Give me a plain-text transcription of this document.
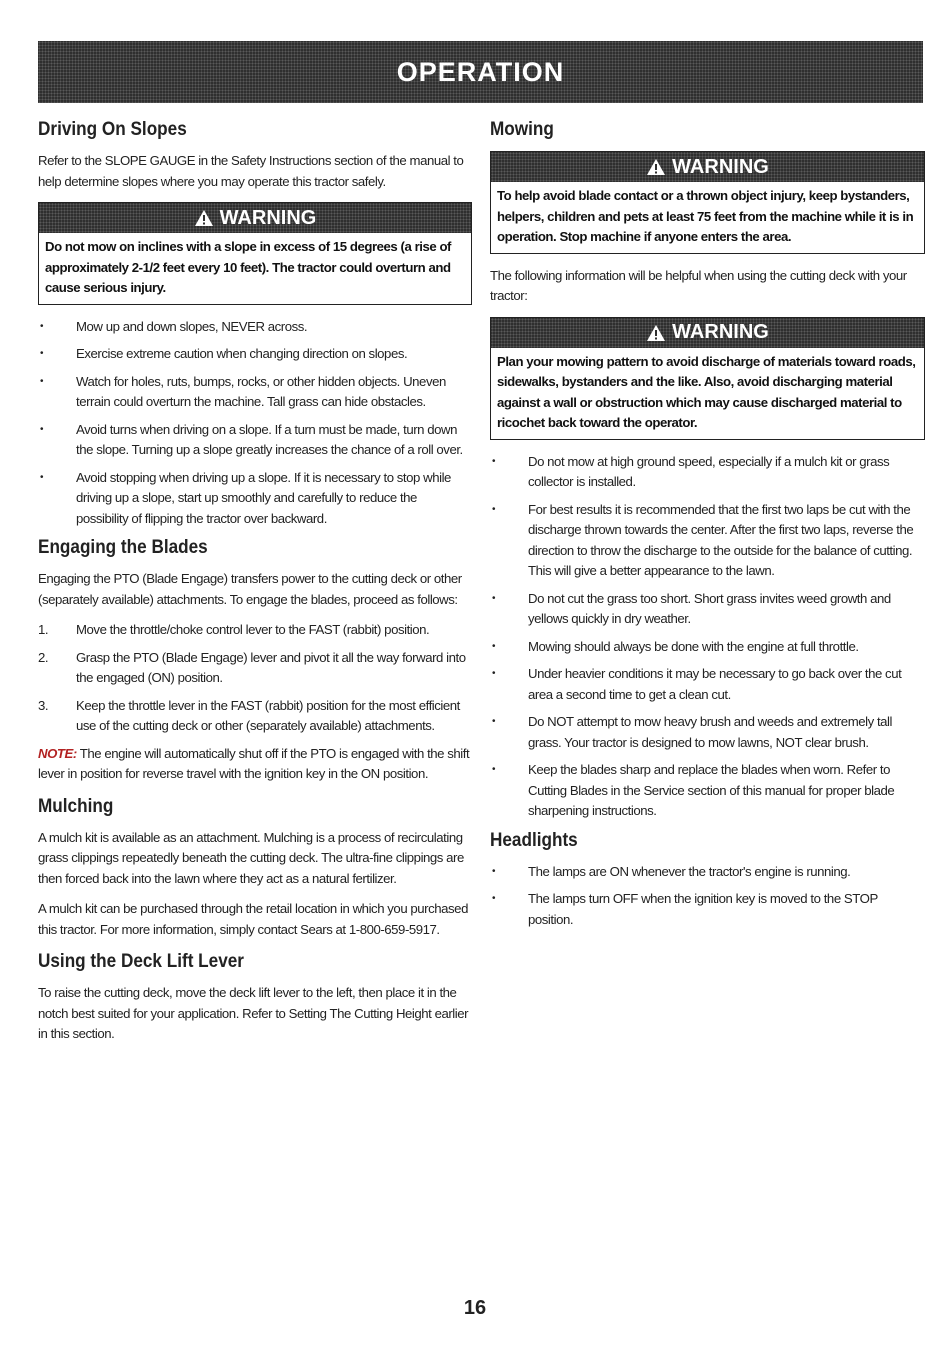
OPERATION
Driving On Slopes

Refer to the SLOPE GAUGE in the Safety Instructions section of the manual to help determine slopes where you may operate this tractor safely.

WARNING
Do not mow on inclines with a slope in excess of 15 degrees (a rise of approximately 2-1/2 feet every 10 feet). The tractor could overturn and cause serious injury.
• Mow up and down slopes, NEVER across.
• Exercise extreme caution when changing direction on slopes.
• Watch for holes, ruts, bumps, rocks, or other hidden objects. Uneven terrain could overturn the machine. Tall grass can hide obstacles.
• Avoid turns when driving on a slope. If a turn must be made, turn down the slope. Turning up a slope greatly increases the chance of a roll over.
• Avoid stopping when driving up a slope. If it is necessary to stop while driving up a slope, start up smoothly and carefully to reduce the possibility of flipping the tractor over backward.
Engaging the Blades

Engaging the PTO (Blade Engage) transfers power to the cutting deck or other (separately available) attachments. To engage the blades, proceed as follows:

1. Move the throttle/choke control lever to the FAST (rabbit) position.
2. Grasp the PTO (Blade Engage) lever and pivot it all the way forward into the engaged (ON) position.
3. Keep the throttle lever in the FAST (rabbit) position for the most efficient use of the cutting deck or other (separately available) attachments.

NOTE: The engine will automatically shut off if the PTO is engaged with the shift lever in position for reverse travel with the ignition key in the ON position.

Mulching

A mulch kit is available as an attachment. Mulching is a process of recirculating grass clippings repeatedly beneath the cutting deck. The ultra-fine clippings are then forced back into the lawn where they act as a natural fertilizer.

A mulch kit can be purchased through the retail location in which you purchased this tractor. For more information, simply contact Sears at 1-800-659-5917.

Using the Deck Lift Lever

To raise the cutting deck, move the deck lift lever to the left, then place it in the notch best suited for your application. Refer to Setting The Cutting Height earlier in this section.

Mowing
WARNING
To help avoid blade contact or a thrown object injury, keep bystanders, helpers, children and pets at least 75 feet from the machine while it is in operation. Stop machine if anyone enters the area.

The following information will be helpful when using the cutting deck with your tractor:

WARNING
Plan your mowing pattern to avoid discharge of materials toward roads, sidewalks, bystanders and the like. Also, avoid discharging material against a wall or obstruction which may cause discharged material to ricochet back toward the operator.
• Do not mow at high ground speed, especially if a mulch kit or grass collector is installed.
• For best results it is recommended that the first two laps be cut with the discharge thrown towards the center. After the first two laps, reverse the direction to throw the discharge to the outside for the balance of cutting. This will give a better appearance to the lawn.
• Do not cut the grass too short. Short grass invites weed growth and yellows quickly in dry weather.
• Mowing should always be done with the engine at full throttle.
• Under heavier conditions it may be necessary to go back over the cut area a second time to get a clean cut.
• Do NOT attempt to mow heavy brush and weeds and extremely tall grass. Your tractor is designed to mow lawns, NOT clear brush.
• Keep the blades sharp and replace the blades when worn. Refer to Cutting Blades in the Service section of this manual for proper blade sharpening instructions.
Headlights
• The lamps are ON whenever the tractor's engine is running.
• The lamps turn OFF when the ignition key is moved to the STOP position.
16
